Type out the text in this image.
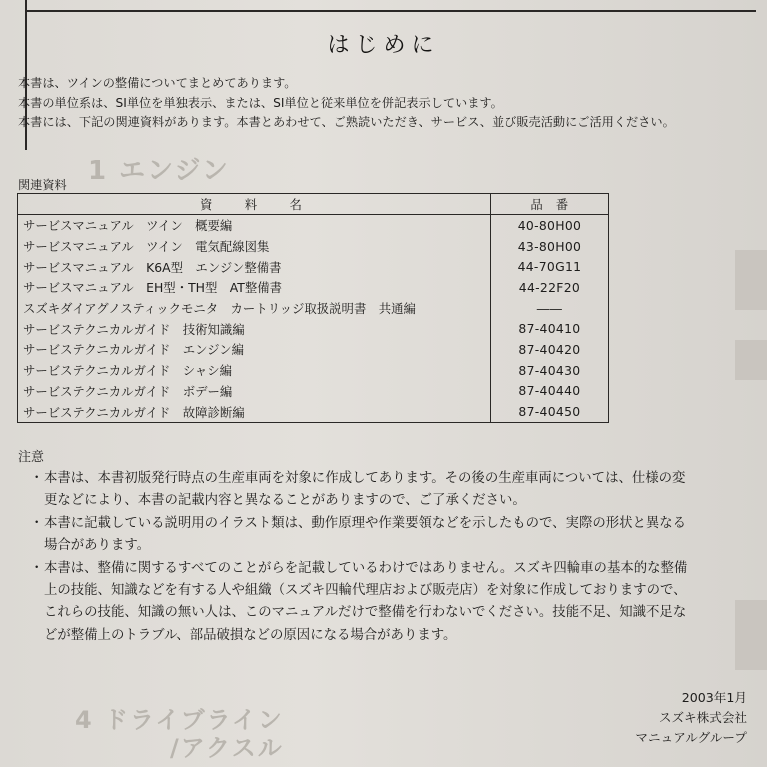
1 エンジン
4 ドライブライン
/アクスル
はじめに
本書は、ツインの整備についてまとめてあります。
本書の単位系は、SI単位を単独表示、または、SI単位と従来単位を併記表示しています。
本書には、下記の関連資料があります。本書とあわせて、ご熟読いただき、サービス、並び販売活動にご活用ください。
関連資料
資　料　名	品　番
サービスマニュアル　ツイン　概要編	40-80H00
サービスマニュアル　ツイン　電気配線図集	43-80H00
サービスマニュアル　K6A型　エンジン整備書	44-70G11
サービスマニュアル　EH型・TH型　AT整備書	44-22F20
スズキダイアグノスティックモニタ　カートリッジ取扱説明書　共通編	――
サービステクニカルガイド　技術知識編	87-40410
サービステクニカルガイド　エンジン編	87-40420
サービステクニカルガイド　シャシ編	87-40430
サービステクニカルガイド　ボデー編	87-40440
サービステクニカルガイド　故障診断編	87-40450
注意
・ 本書は、本書初版発行時点の生産車両を対象に作成してあります。その後の生産車両については、仕様の変
更などにより、本書の記載内容と異なることがありますので、ご了承ください。
・ 本書に記載している説明用のイラスト類は、動作原理や作業要領などを示したもので、実際の形状と異なる
場合があります。
・ 本書は、整備に関するすべてのことがらを記載しているわけではありません。スズキ四輪車の基本的な整備
上の技能、知識などを有する人や組織（スズキ四輪代理店および販売店）を対象に作成しておりますので、
これらの技能、知識の無い人は、このマニュアルだけで整備を行わないでください。技能不足、知識不足な
どが整備上のトラブル、部品破損などの原因になる場合があります。
2003年1月
スズキ株式会社
マニュアルグループ
